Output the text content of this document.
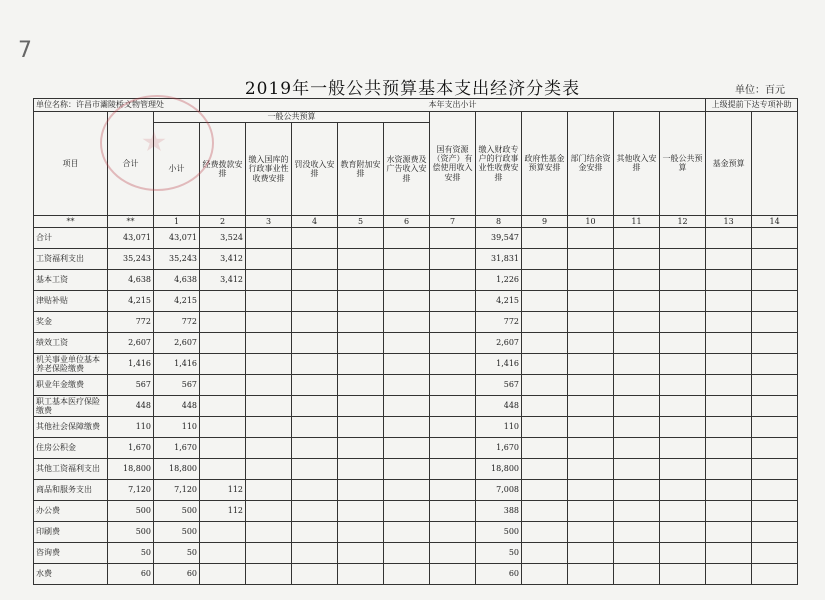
7
2019年一般公共预算基本支出经济分类表	单位：百元
单位名称：许昌市灞陵桥文物管理处			本年支出小计											上级提前下达专项补助		
项目	合计	一般公共预算						国有资源（资产）有偿使用收入安排	缴入财政专户的行政事业性收费安排	政府性基金预算安排	部门结余资金安排	其他收入安排	一般公共预算	基金预算		
		小计	经费拨款安排	缴入国库的行政事业性收费安排	罚没收入安排	教育附加安排	水资源费及广告收入安排	
**	**	1	2	3	4	5	6	7	8	9	10	11	12	13	14	
合计	43,071	43,071	3,524						39,547							
工资福利支出	35,243	35,243	3,412						31,831							
基本工资	4,638	4,638	3,412						1,226							
津贴补贴	4,215	4,215							4,215							
奖金	772	772							772							
绩效工资	2,607	2,607							2,607							
机关事业单位基本养老保险缴费	1,416	1,416							1,416							
职业年金缴费	567	567							567							
职工基本医疗保险缴费	448	448							448							
其他社会保障缴费	110	110							110							
住房公积金	1,670	1,670							1,670							
其他工资福利支出	18,800	18,800							18,800							
商品和服务支出	7,120	7,120	112						7,008							
办公费	500	500	112						388							
印刷费	500	500							500							
咨询费	50	50							50							
水费	60	60							60							
